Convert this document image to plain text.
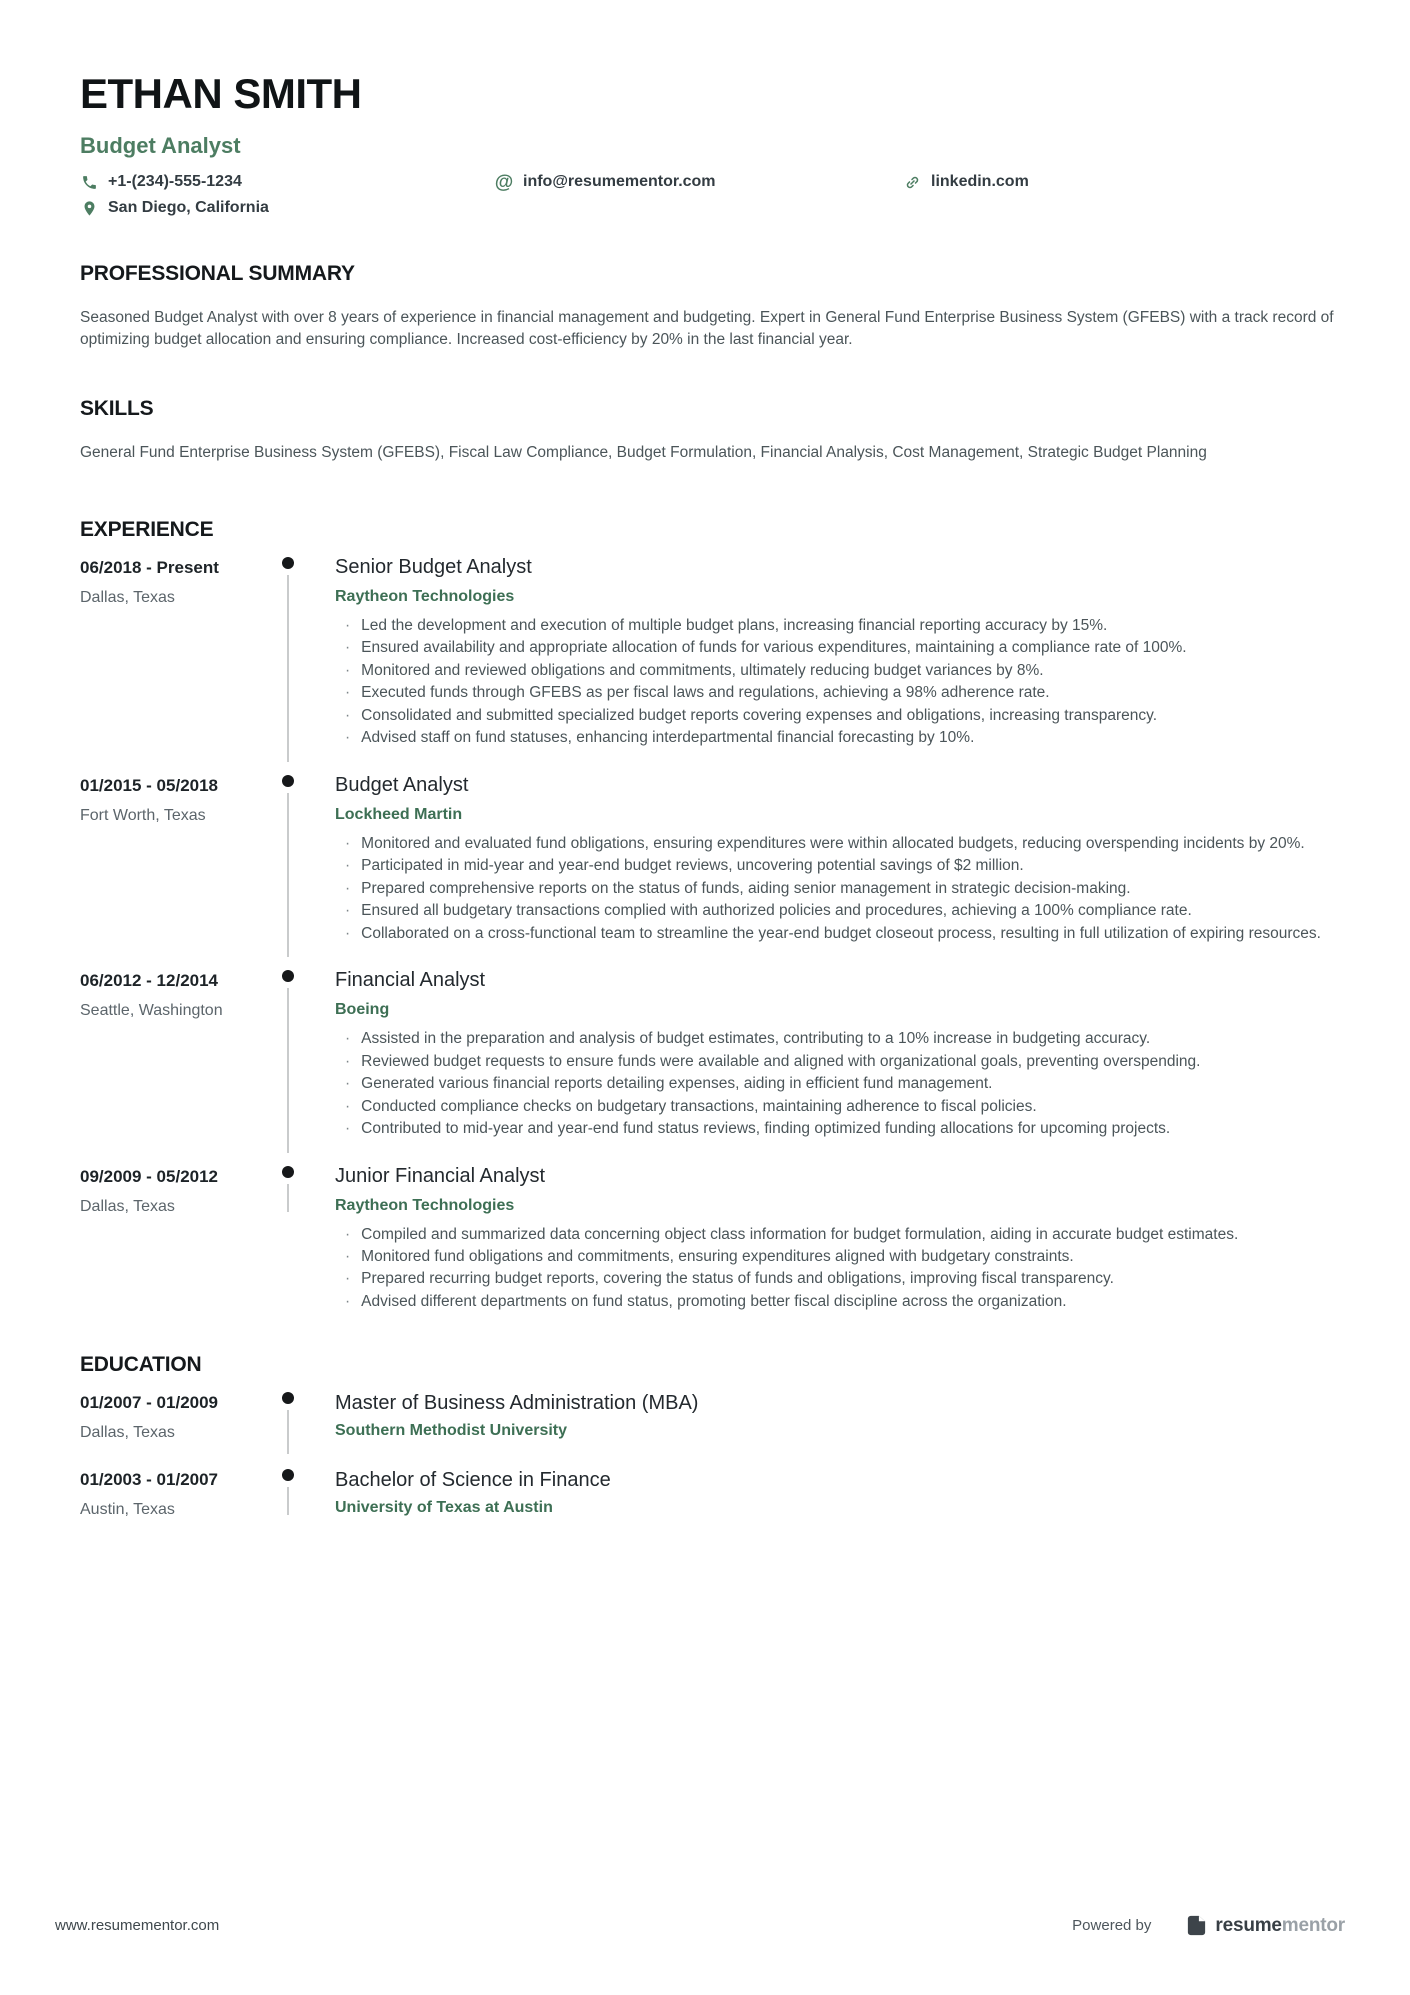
ETHAN SMITH
Budget Analyst
+1-(234)-555-1234	@ info@resumementor.com	linkedin.com
San Diego, California
PROFESSIONAL SUMMARY
Seasoned Budget Analyst with over 8 years of experience in financial management and budgeting. Expert in General Fund Enterprise Business System (GFEBS) with a track record of optimizing budget allocation and ensuring compliance. Increased cost-efficiency by 20% in the last financial year.
SKILLS
General Fund Enterprise Business System (GFEBS), Fiscal Law Compliance, Budget Formulation, Financial Analysis, Cost Management, Strategic Budget Planning
EXPERIENCE
06/2018 - Present
Dallas, Texas
Senior Budget Analyst
Raytheon Technologies
· Led the development and execution of multiple budget plans, increasing financial reporting accuracy by 15%.
· Ensured availability and appropriate allocation of funds for various expenditures, maintaining a compliance rate of 100%.
· Monitored and reviewed obligations and commitments, ultimately reducing budget variances by 8%.
· Executed funds through GFEBS as per fiscal laws and regulations, achieving a 98% adherence rate.
· Consolidated and submitted specialized budget reports covering expenses and obligations, increasing transparency.
· Advised staff on fund statuses, enhancing interdepartmental financial forecasting by 10%.
01/2015 - 05/2018
Fort Worth, Texas
Budget Analyst
Lockheed Martin
· Monitored and evaluated fund obligations, ensuring expenditures were within allocated budgets, reducing overspending incidents by 20%.
· Participated in mid-year and year-end budget reviews, uncovering potential savings of $2 million.
· Prepared comprehensive reports on the status of funds, aiding senior management in strategic decision-making.
· Ensured all budgetary transactions complied with authorized policies and procedures, achieving a 100% compliance rate.
· Collaborated on a cross-functional team to streamline the year-end budget closeout process, resulting in full utilization of expiring resources.
06/2012 - 12/2014
Seattle, Washington
Financial Analyst
Boeing
· Assisted in the preparation and analysis of budget estimates, contributing to a 10% increase in budgeting accuracy.
· Reviewed budget requests to ensure funds were available and aligned with organizational goals, preventing overspending.
· Generated various financial reports detailing expenses, aiding in efficient fund management.
· Conducted compliance checks on budgetary transactions, maintaining adherence to fiscal policies.
· Contributed to mid-year and year-end fund status reviews, finding optimized funding allocations for upcoming projects.
09/2009 - 05/2012
Dallas, Texas
Junior Financial Analyst
Raytheon Technologies
· Compiled and summarized data concerning object class information for budget formulation, aiding in accurate budget estimates.
· Monitored fund obligations and commitments, ensuring expenditures aligned with budgetary constraints.
· Prepared recurring budget reports, covering the status of funds and obligations, improving fiscal transparency.
· Advised different departments on fund status, promoting better fiscal discipline across the organization.
EDUCATION
01/2007 - 01/2009
Dallas, Texas
Master of Business Administration (MBA)
Southern Methodist University
01/2003 - 01/2007
Austin, Texas
Bachelor of Science in Finance
University of Texas at Austin
www.resumementor.com	Powered by	resumementor
